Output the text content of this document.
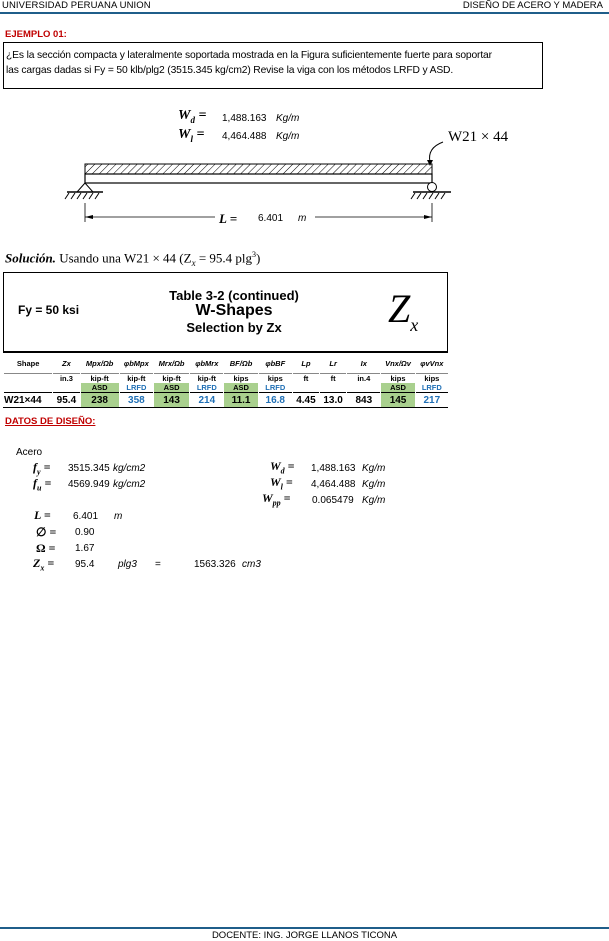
UNIVERSIDAD PERUANA UNION	DISEÑO DE ACERO Y MADERA
EJEMPLO 01:
¿Es la sección compacta y lateralmente soportada mostrada en la Figura suficientemente fuerte para soportar
las cargas dadas si Fy = 50 klb/plg2 (3515.345 kg/cm2) Revise la viga con los métodos LRFD y ASD.
$W_d = 1,488.163$ Kg/m
$W_l = 4,464.488$ Kg/m	W21 × 44
L = 6.401 m
Solución. Usando una W21 × 44 ($Z_x = 95.4$ plg$^3$)
Fy = 50 ksi
Table 3-2 (continued)
W-Shapes
Selection by Zx	$Z_x$
Shape	Zx	Mpx/Ωb	φbMpx	Mrx/Ωb	φbMrx	BF/Ωb	φbBF	Lp	Lr	Ix	Vnx/Ωv	φvVnx
	in.3	kip-ft	kip-ft	kip-ft	kip-ft	kips	kips	ft	ft	in.4	kips	kips
		ASD	LRFD	ASD	LRFD	ASD	LRFD				ASD	LRFD
W21×44	95.4	238	358	143	214	11.1	16.8	4.45	13.0	843	145	217
DATOS DE DISEÑO:
Acero
$f_y = 3515.345$ kg/cm2
$f_u = 4569.949$ kg/cm2
L = 6.401 m
∅ = 0.90
Ω = 1.67
$Z_x = 95.4$ plg3 =	1563.326 cm3
$W_d = 1,488.163$ Kg/m
$W_l = 4,464.488$ Kg/m
$W_{pp} = 0.065479$ Kg/m
DOCENTE: ING. JORGE LLANOS TICONA
